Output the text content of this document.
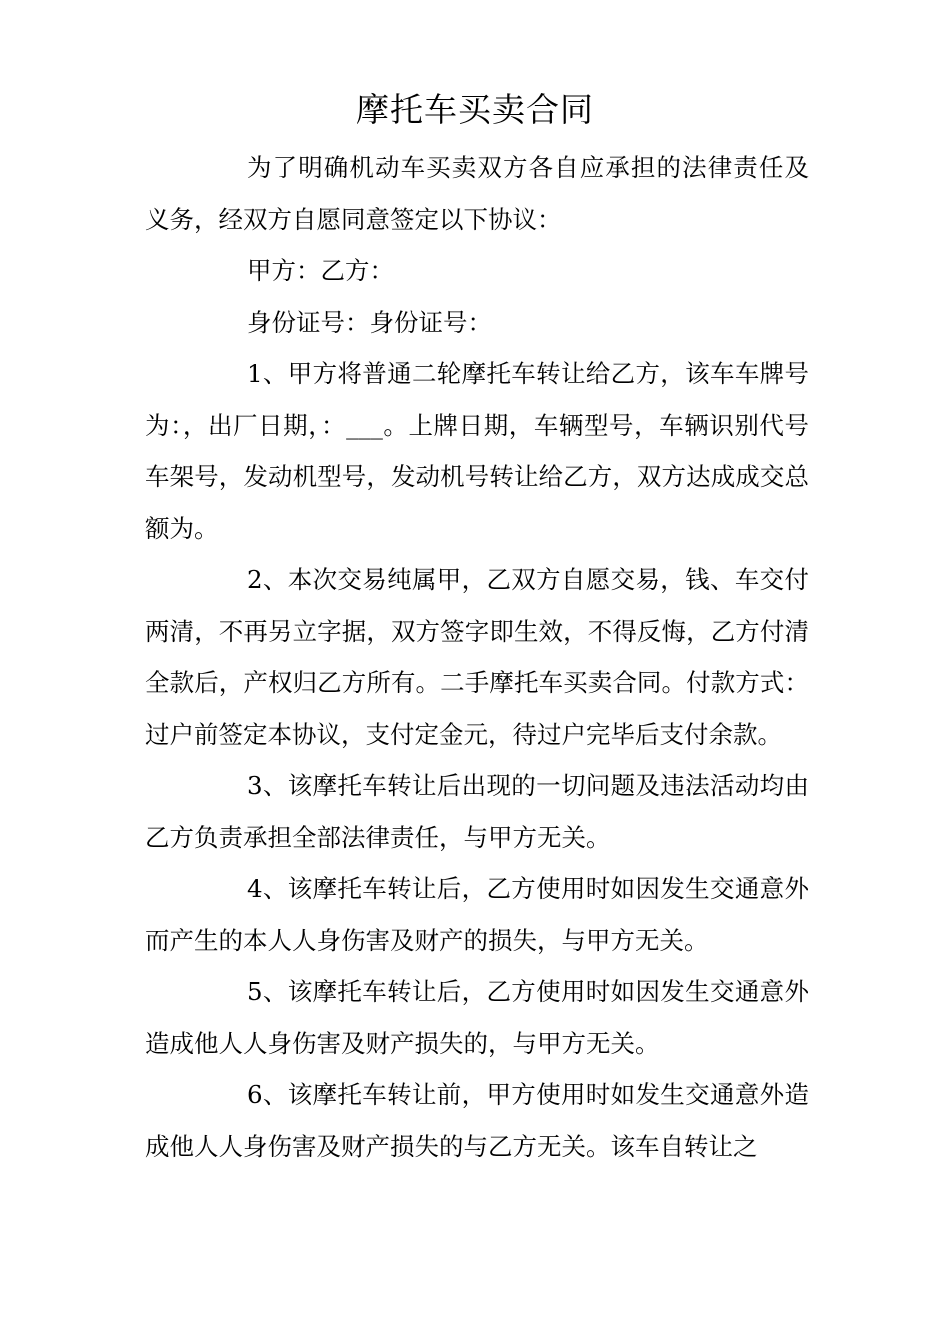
摩托车买卖合同

为了明确机动车买卖双方各自应承担的法律责任及义务，经双方自愿同意签定以下协议：

甲方：乙方：

身份证号：身份证号：

1、甲方将普通二轮摩托车转让给乙方，该车车牌号为：，出厂日期，：___。上牌日期，车辆型号，车辆识别代号车架号，发动机型号，发动机号转让给乙方，双方达成成交总额为。

2、本次交易纯属甲，乙双方自愿交易，钱、车交付两清，不再另立字据，双方签字即生效，不得反悔，乙方付清全款后，产权归乙方所有。二手摩托车买卖合同。付款方式：过户前签定本协议，支付定金元，待过户完毕后支付余款。

3、该摩托车转让后出现的一切问题及违法活动均由乙方负责承担全部法律责任，与甲方无关。

4、该摩托车转让后，乙方使用时如因发生交通意外而产生的本人人身伤害及财产的损失，与甲方无关。

5、该摩托车转让后，乙方使用时如因发生交通意外造成他人人身伤害及财产损失的，与甲方无关。

6、该摩托车转让前，甲方使用时如发生交通意外造成他人人身伤害及财产损失的与乙方无关。该车自转让之
